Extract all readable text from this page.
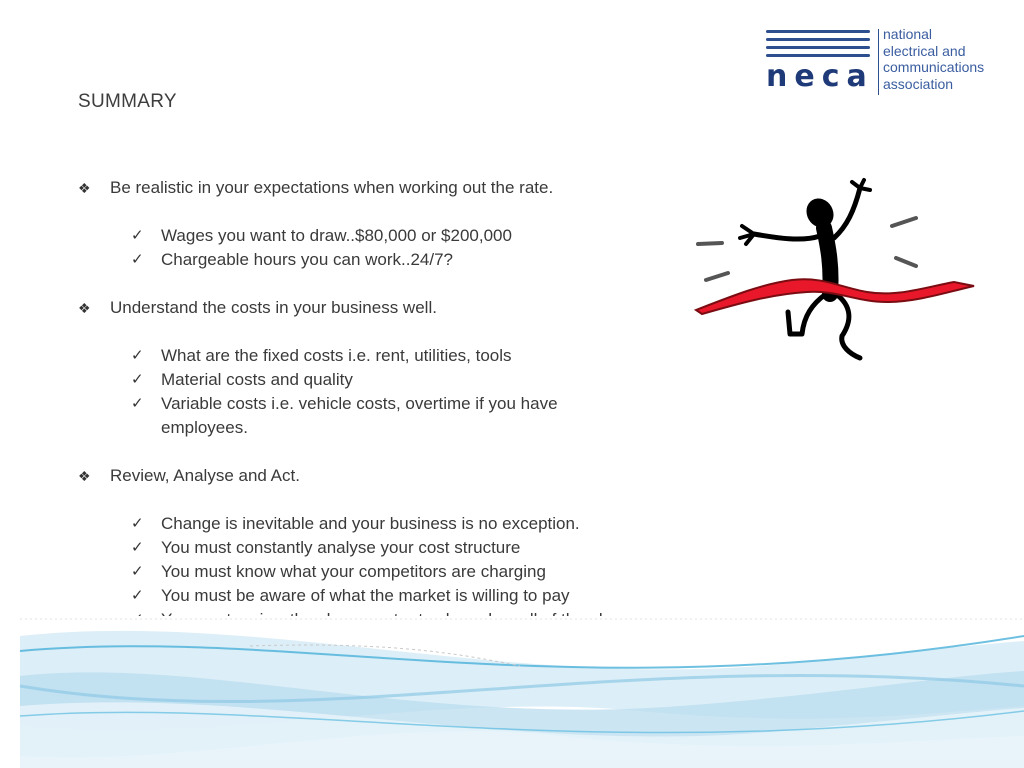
neca
national
electrical and
communications
association
SUMMARY
❖ Be realistic in your expectations when working out the rate.
✓ Wages you want to draw..$80,000 or $200,000
✓ Chargeable hours you can work..24/7?
❖ Understand the costs in your business well.
✓ What are the fixed costs i.e. rent, utilities, tools
✓ Material costs and quality
✓ Variable costs i.e. vehicle costs, overtime if you have employees.
❖ Review, Analyse and Act.
✓ Change is inevitable and your business is no exception.
✓ You must constantly analyse your cost structure
✓ You must know what your competitors are charging
✓ You must be aware of what the market is willing to pay
